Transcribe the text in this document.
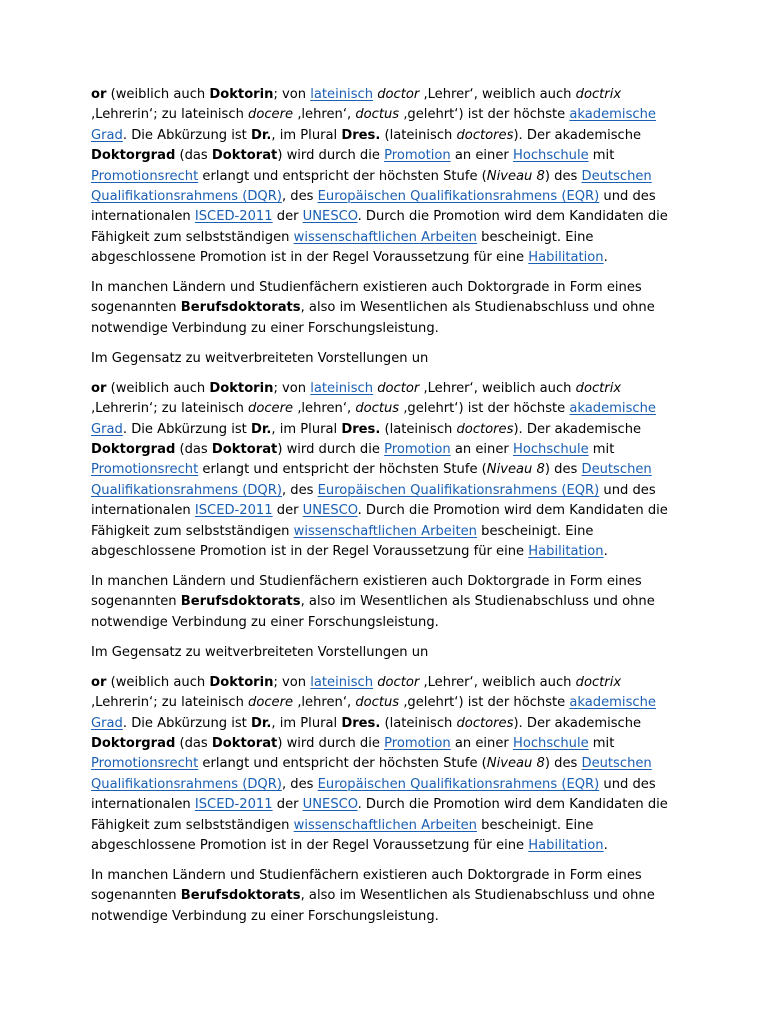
or (weiblich auch Doktorin; von lateinisch doctor ‚Lehrer‘, weiblich auch doctrix ‚Lehrerin‘; zu lateinisch docere ‚lehren‘, doctus ‚gelehrt‘) ist der höchste akademische Grad. Die Abkürzung ist Dr., im Plural Dres. (lateinisch doctores). Der akademische Doktorgrad (das Doktorat) wird durch die Promotion an einer Hochschule mit Promotionsrecht erlangt und entspricht der höchsten Stufe (Niveau 8) des Deutschen Qualifikationsrahmens (DQR), des Europäischen Qualifikationsrahmens (EQR) und des internationalen ISCED-2011 der UNESCO. Durch die Promotion wird dem Kandidaten die Fähigkeit zum selbstständigen wissenschaftlichen Arbeiten bescheinigt. Eine abgeschlossene Promotion ist in der Regel Voraussetzung für eine Habilitation.

In manchen Ländern und Studienfächern existieren auch Doktorgrade in Form eines sogenannten Berufsdoktorats, also im Wesentlichen als Studienabschluss und ohne notwendige Verbindung zu einer Forschungsleistung.

Im Gegensatz zu weitverbreiteten Vorstellungen un

or (weiblich auch Doktorin; von lateinisch doctor ‚Lehrer‘, weiblich auch doctrix ‚Lehrerin‘; zu lateinisch docere ‚lehren‘, doctus ‚gelehrt‘) ist der höchste akademische Grad. Die Abkürzung ist Dr., im Plural Dres. (lateinisch doctores). Der akademische Doktorgrad (das Doktorat) wird durch die Promotion an einer Hochschule mit Promotionsrecht erlangt und entspricht der höchsten Stufe (Niveau 8) des Deutschen Qualifikationsrahmens (DQR), des Europäischen Qualifikationsrahmens (EQR) und des internationalen ISCED-2011 der UNESCO. Durch die Promotion wird dem Kandidaten die Fähigkeit zum selbstständigen wissenschaftlichen Arbeiten bescheinigt. Eine abgeschlossene Promotion ist in der Regel Voraussetzung für eine Habilitation.

In manchen Ländern und Studienfächern existieren auch Doktorgrade in Form eines sogenannten Berufsdoktorats, also im Wesentlichen als Studienabschluss und ohne notwendige Verbindung zu einer Forschungsleistung.

Im Gegensatz zu weitverbreiteten Vorstellungen un

or (weiblich auch Doktorin; von lateinisch doctor ‚Lehrer‘, weiblich auch doctrix ‚Lehrerin‘; zu lateinisch docere ‚lehren‘, doctus ‚gelehrt‘) ist der höchste akademische Grad. Die Abkürzung ist Dr., im Plural Dres. (lateinisch doctores). Der akademische Doktorgrad (das Doktorat) wird durch die Promotion an einer Hochschule mit Promotionsrecht erlangt und entspricht der höchsten Stufe (Niveau 8) des Deutschen Qualifikationsrahmens (DQR), des Europäischen Qualifikationsrahmens (EQR) und des internationalen ISCED-2011 der UNESCO. Durch die Promotion wird dem Kandidaten die Fähigkeit zum selbstständigen wissenschaftlichen Arbeiten bescheinigt. Eine abgeschlossene Promotion ist in der Regel Voraussetzung für eine Habilitation.

In manchen Ländern und Studienfächern existieren auch Doktorgrade in Form eines sogenannten Berufsdoktorats, also im Wesentlichen als Studienabschluss und ohne notwendige Verbindung zu einer Forschungsleistung.
